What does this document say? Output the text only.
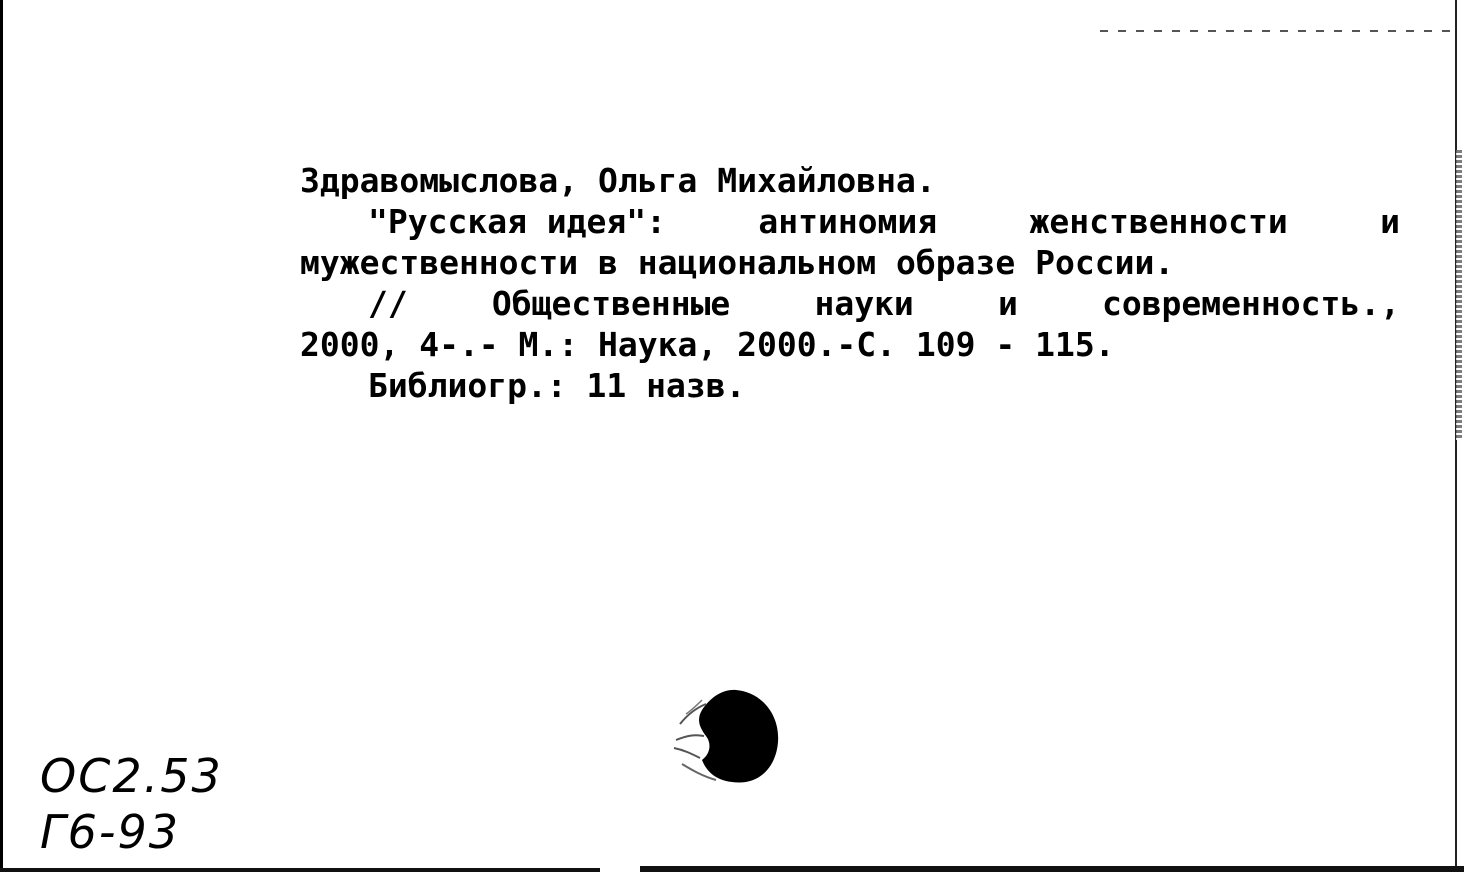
Здравомыслова, Ольга Михайловна.
"Русская идея":	антиномия	женственности	и
мужественности в национальном образе России.
//	Общественные	науки	и	современность.,
2000, 4-.- М.: Наука, 2000.-С. 109 - 115.
Библиогр.: 11 назв.
ОС2.53
Г6-93
